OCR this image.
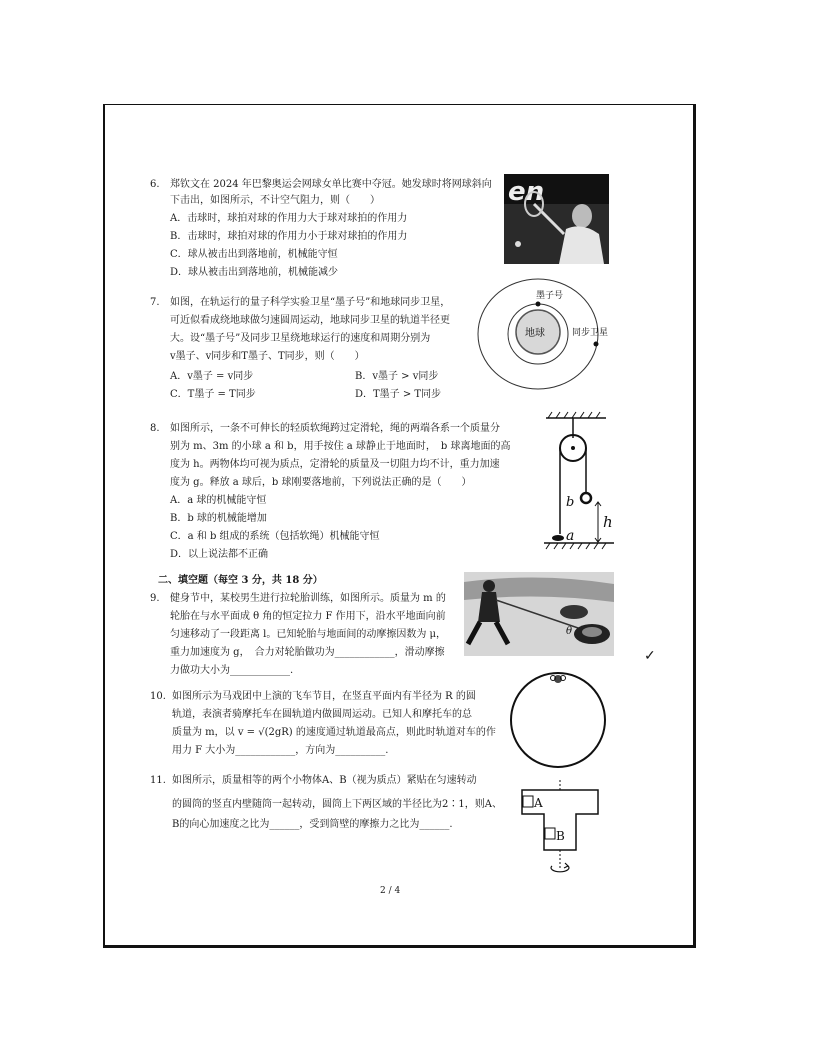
6. 郑钦文在 2024 年巴黎奥运会网球女单比赛中夺冠。她发球时将网球斜向
下击出，如图所示，不计空气阻力，则（　　）
A．击球时，球拍对球的作用力大于球对球拍的作用力
B．击球时，球拍对球的作用力小于球对球拍的作用力
C．球从被击出到落地前，机械能守恒
D．球从被击出到落地前，机械能减少
en
7. 如图，在轨运行的量子科学实验卫星“墨子号”和地球同步卫星，
可近似看成绕地球做匀速圆周运动，地球同步卫星的轨道半径更
大。设“墨子号”及同步卫星绕地球运行的速度和周期分别为
v墨子、v同步和T墨子、T同步，则（　　）
A．v墨子 = v同步	B．v墨子 > v同步
C．T墨子 = T同步	D．T墨子 > T同步
地球
墨子号
同步卫星
8. 如图所示，一条不可伸长的轻质软绳跨过定滑轮，绳的两端各系一个质量分
别为 m、3m 的小球 a 和 b，用手按住 a 球静止于地面时，　b 球离地面的高
度为 h。两物体均可视为质点，定滑轮的质量及一切阻力均不计，重力加速
度为 g。释放 a 球后，b 球刚要落地前，下列说法正确的是（　　）
A．a 球的机械能守恒
B．b 球的机械能增加
C．a 和 b 组成的系统（包括软绳）机械能守恒
D．以上说法都不正确
b
a
h
二、填空题（每空 3 分，共 18 分）
9. 健身节中，某校男生进行拉轮胎训练，如图所示。质量为 m 的
轮胎在与水平面成 θ 角的恒定拉力 F 作用下，沿水平地面向前
匀速移动了一段距离 l。已知轮胎与地面间的动摩擦因数为 μ，
重力加速度为 g，　合力对轮胎做功为____________，滑动摩擦
力做功大小为____________.
θ
10. 如图所示为马戏团中上演的飞车节目，在竖直平面内有半径为 R 的圆
轨道，表演者骑摩托车在圆轨道内做圆周运动。已知人和摩托车的总
质量为 m，以 v = √(2gR) 的速度通过轨道最高点，则此时轨道对车的作
用力 F 大小为____________，方向为__________.
11. 如图所示，质量相等的两个小物体A、B（视为质点）紧贴在匀速转动
的圆筒的竖直内壁随筒一起转动，圆筒上下两区域的半径比为2∶1，则A、
B的向心加速度之比为______，受到筒壁的摩擦力之比为______.
A
B
2 / 4
✓
